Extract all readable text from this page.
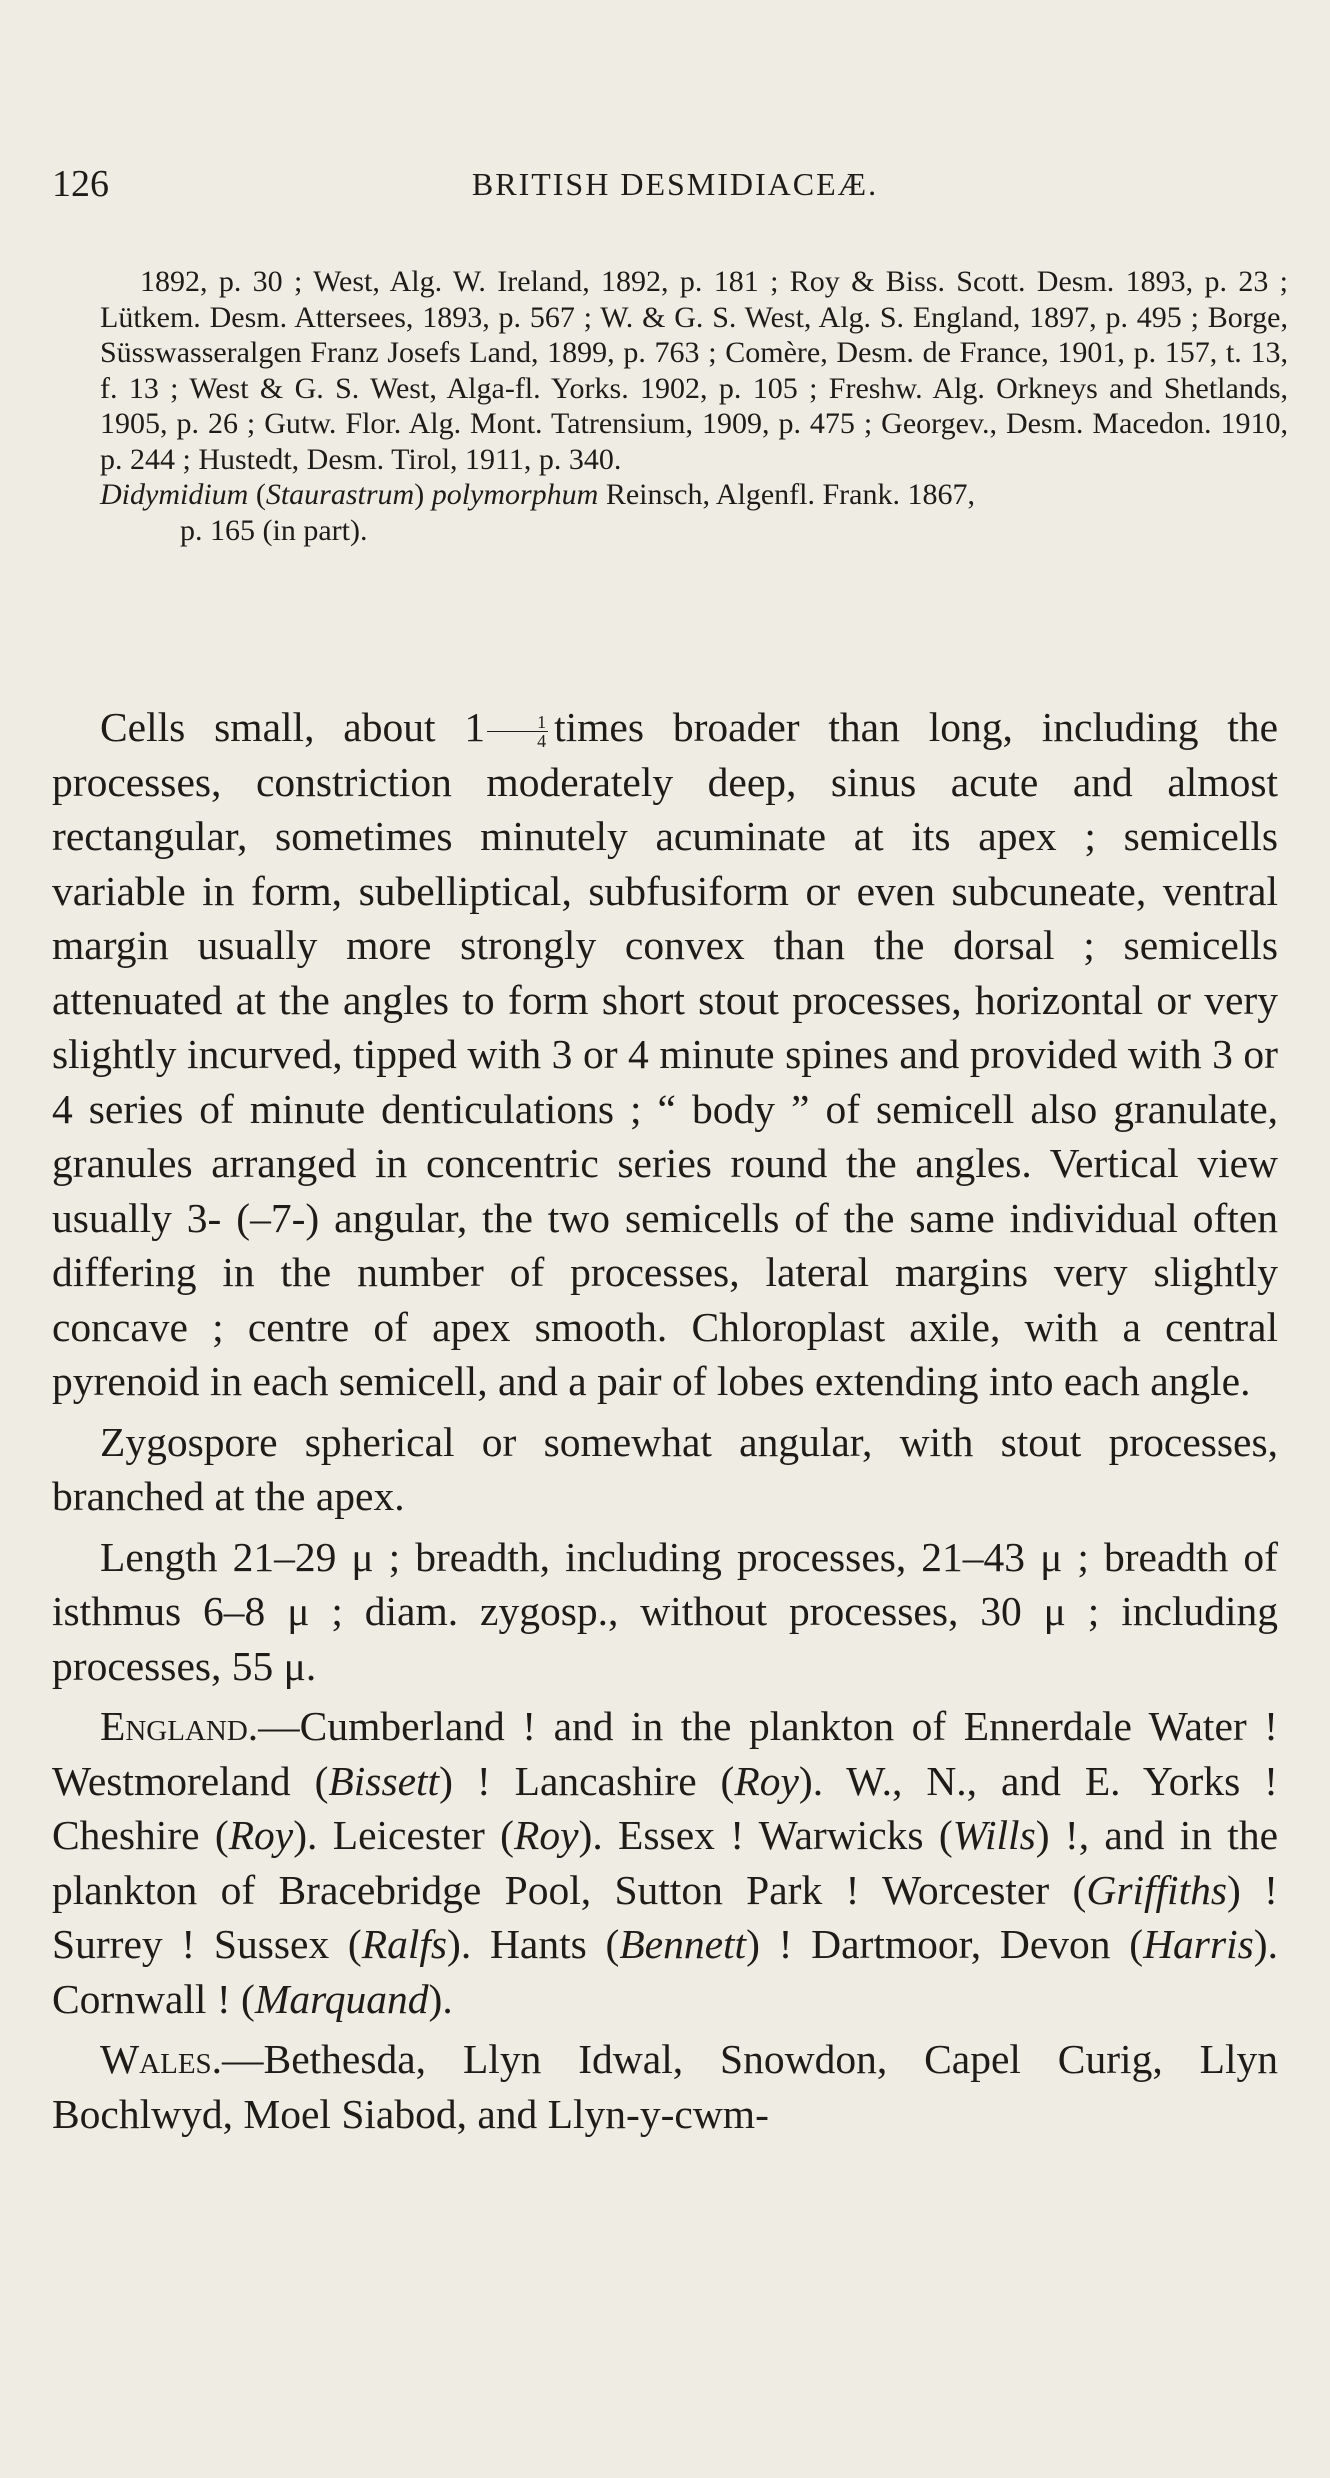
126	BRITISH DESMIDIACEÆ.

1892, p. 30 ; West, Alg. W. Ireland, 1892, p. 181 ; Roy & Biss. Scott. Desm. 1893, p. 23 ; Lütkem. Desm. Attersees, 1893, p. 567 ; W. & G. S. West, Alg. S. England, 1897, p. 495 ; Borge, Süsswasseralgen Franz Josefs Land, 1899, p. 763 ; Comère, Desm. de France, 1901, p. 157, t. 13, f. 13 ; West & G. S. West, Alga-fl. Yorks. 1902, p. 105 ; Freshw. Alg. Orkneys and Shetlands, 1905, p. 26 ; Gutw. Flor. Alg. Mont. Tatrensium, 1909, p. 475 ; Georgev., Desm. Macedon. 1910, p. 244 ; Hustedt, Desm. Tirol, 1911, p. 340.

Didymidium (Staurastrum) polymorphum Reinsch, Algenfl. Frank. 1867,
p. 165 (in part).

Cells small, about $1 \frac{1}{4}$ times broader than long, including the processes, constriction moderately deep, sinus acute and almost rectangular, sometimes minutely acuminate at its apex ; semicells variable in form, subelliptical, subfusiform or even subcuneate, ventral margin usually more strongly convex than the dorsal ; semicells attenuated at the angles to form short stout processes, horizontal or very slightly incurved, tipped with 3 or 4 minute spines and provided with 3 or 4 series of minute denticulations ; “ body ” of semicell also granulate, granules arranged in concentric series round the angles. Vertical view usually 3- (–7-) angular, the two semicells of the same individual often differing in the number of processes, lateral margins very slightly concave ; centre of apex smooth. Chloroplast axile, with a central pyrenoid in each semicell, and a pair of lobes extending into each angle.

Zygospore spherical or somewhat angular, with stout processes, branched at the apex.

Length 21–29 μ ; breadth, including processes, 21–43 μ ; breadth of isthmus 6–8 μ ; diam. zygosp., without processes, 30 μ ; including processes, 55 μ.

England.—Cumberland ! and in the plankton of Ennerdale Water ! Westmoreland (Bissett) ! Lancashire (Roy). W., N., and E. Yorks ! Cheshire (Roy). Leicester (Roy). Essex ! Warwicks (Wills) !, and in the plankton of Bracebridge Pool, Sutton Park ! Worcester (Griffiths) ! Surrey ! Sussex (Ralfs). Hants (Bennett) ! Dartmoor, Devon (Harris). Cornwall ! (Marquand).

Wales.—Bethesda, Llyn Idwal, Snowdon, Capel Curig, Llyn Bochlwyd, Moel Siabod, and Llyn-y-cwm-
